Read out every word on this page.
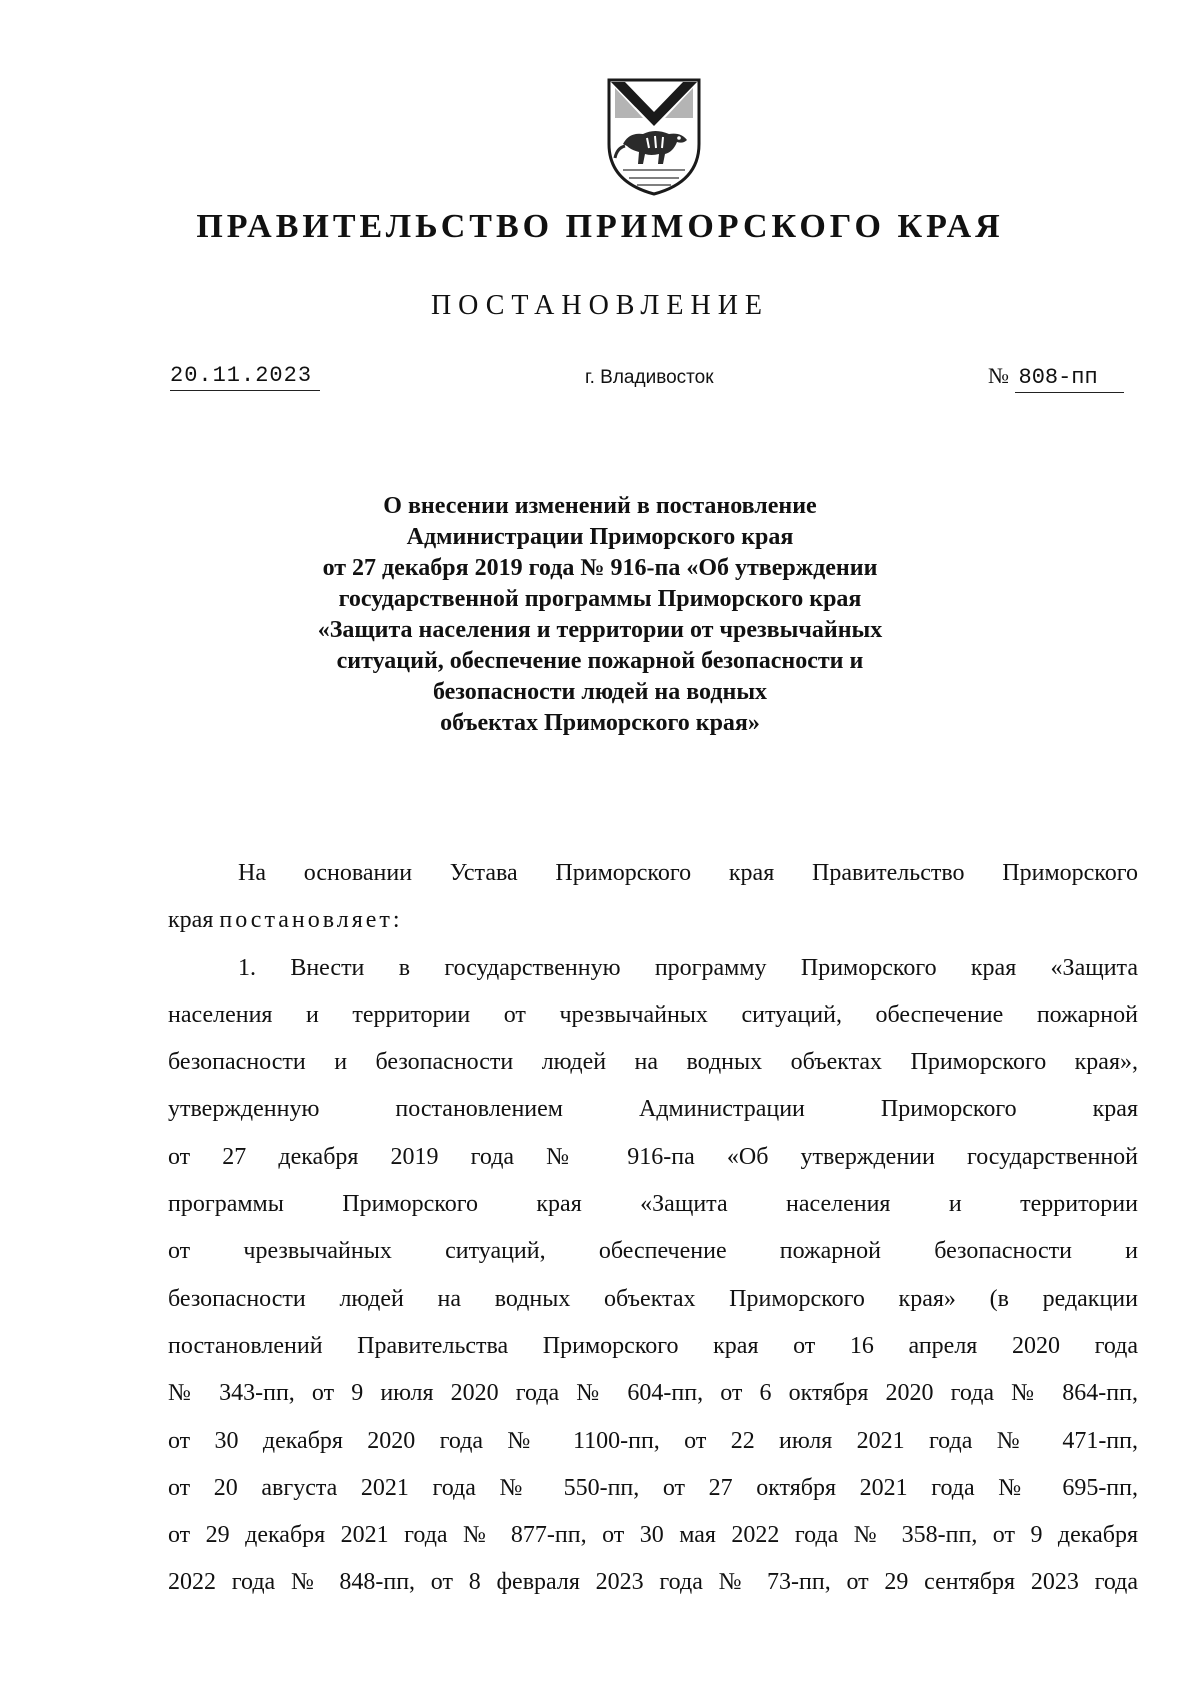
ПРАВИТЕЛЬСТВО ПРИМОРСКОГО КРАЯ
ПОСТАНОВЛЕНИЕ
20.11.2023	г. Владивосток	№ 808-пп
О внесении изменений в постановление
Администрации Приморского края
от 27 декабря 2019 года № 916-па «Об утверждении
государственной программы Приморского края
«Защита населения и территории от чрезвычайных
ситуаций, обеспечение пожарной безопасности и
безопасности людей на водных
объектах Приморского края»
На основании Устава Приморского края Правительство Приморского
края постановляет:
1. Внести в государственную программу Приморского края «Защита
населения и территории от чрезвычайных ситуаций, обеспечение пожарной
безопасности и безопасности людей на водных объектах Приморского края»,
утвержденную постановлением Администрации Приморского края
от 27 декабря 2019 года № 916-па «Об утверждении государственной
программы Приморского края «Защита населения и территории
от чрезвычайных ситуаций, обеспечение пожарной безопасности и
безопасности людей на водных объектах Приморского края» (в редакции
постановлений Правительства Приморского края от 16 апреля 2020 года
№ 343-пп, от 9 июля 2020 года № 604-пп, от 6 октября 2020 года № 864-пп,
от 30 декабря 2020 года № 1100-пп, от 22 июля 2021 года № 471-пп,
от 20 августа 2021 года № 550-пп, от 27 октября 2021 года № 695-пп,
от 29 декабря 2021 года № 877-пп, от 30 мая 2022 года № 358-пп, от 9 декабря
2022 года № 848-пп, от 8 февраля 2023 года № 73-пп, от 29 сентября 2023 года
